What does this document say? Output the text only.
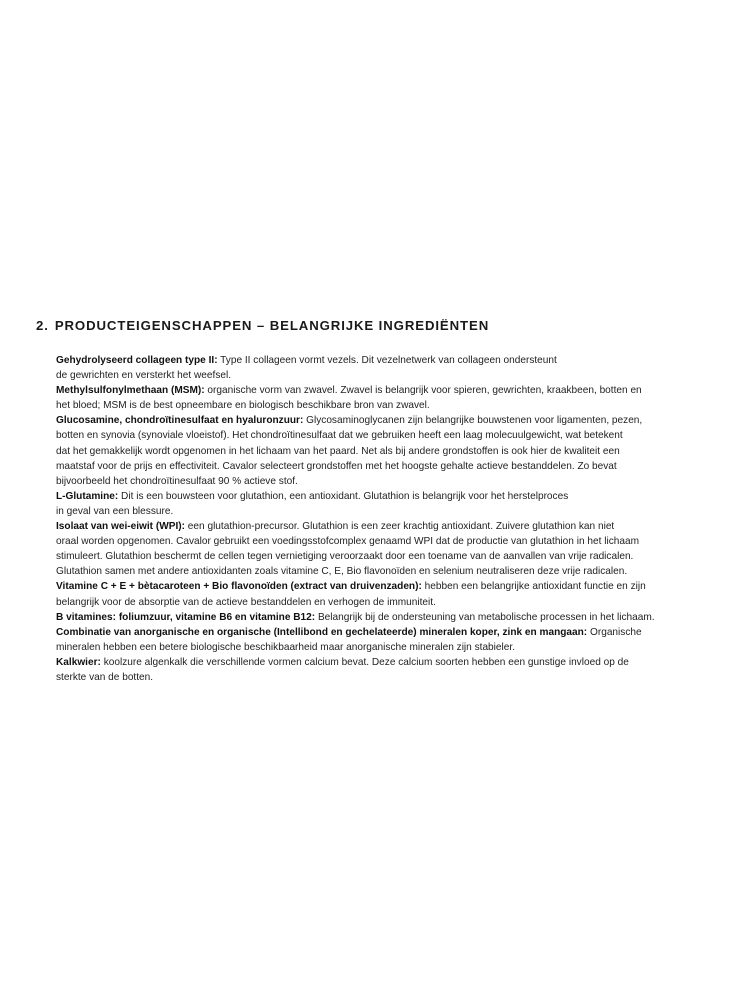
2. PRODUCTEIGENSCHAPPEN – BELANGRIJKE INGREDIËNTEN

Gehydrolyseerd collageen type II: Type II collageen vormt vezels. Dit vezelnetwerk van collageen ondersteunt
de gewrichten en versterkt het weefsel.

Methylsulfonylmethaan (MSM): organische vorm van zwavel. Zwavel is belangrijk voor spieren, gewrichten, kraakbeen, botten en
het bloed; MSM is de best opneembare en biologisch beschikbare bron van zwavel.

Glucosamine, chondroïtinesulfaat en hyaluronzuur: Glycosaminoglycanen zijn belangrijke bouwstenen voor ligamenten, pezen,
botten en synovia (synoviale vloeistof). Het chondroïtinesulfaat dat we gebruiken heeft een laag molecuulgewicht, wat betekent
dat het gemakkelijk wordt opgenomen in het lichaam van het paard. Net als bij andere grondstoffen is ook hier de kwaliteit een
maatstaf voor de prijs en effectiviteit. Cavalor selecteert grondstoffen met het hoogste gehalte actieve bestanddelen. Zo bevat
bijvoorbeeld het chondroïtinesulfaat 90 % actieve stof.

L-Glutamine: Dit is een bouwsteen voor glutathion, een antioxidant. Glutathion is belangrijk voor het herstelproces
in geval van een blessure.

Isolaat van wei-eiwit (WPI): een glutathion-precursor. Glutathion is een zeer krachtig antioxidant. Zuivere glutathion kan niet
oraal worden opgenomen. Cavalor gebruikt een voedingsstofcomplex genaamd WPI dat de productie van glutathion in het lichaam
stimuleert. Glutathion beschermt de cellen tegen vernietiging veroorzaakt door een toename van de aanvallen van vrije radicalen.
Glutathion samen met andere antioxidanten zoals vitamine C, E, Bio flavonoïden en selenium neutraliseren deze vrije radicalen.

Vitamine C + E + bètacaroteen + Bio flavonoïden (extract van druivenzaden): hebben een belangrijke antioxidant functie en zijn
belangrijk voor de absorptie van de actieve bestanddelen en verhogen de immuniteit.

B vitamines: foliumzuur, vitamine B6 en vitamine B12: Belangrijk bij de ondersteuning van metabolische processen in het lichaam.

Combinatie van anorganische en organische (Intellibond en gechelateerde) mineralen koper, zink en mangaan: Organische
mineralen hebben een betere biologische beschikbaarheid maar anorganische mineralen zijn stabieler.

Kalkwier: koolzure algenkalk die verschillende vormen calcium bevat. Deze calcium soorten hebben een gunstige invloed op de
sterkte van de botten.
